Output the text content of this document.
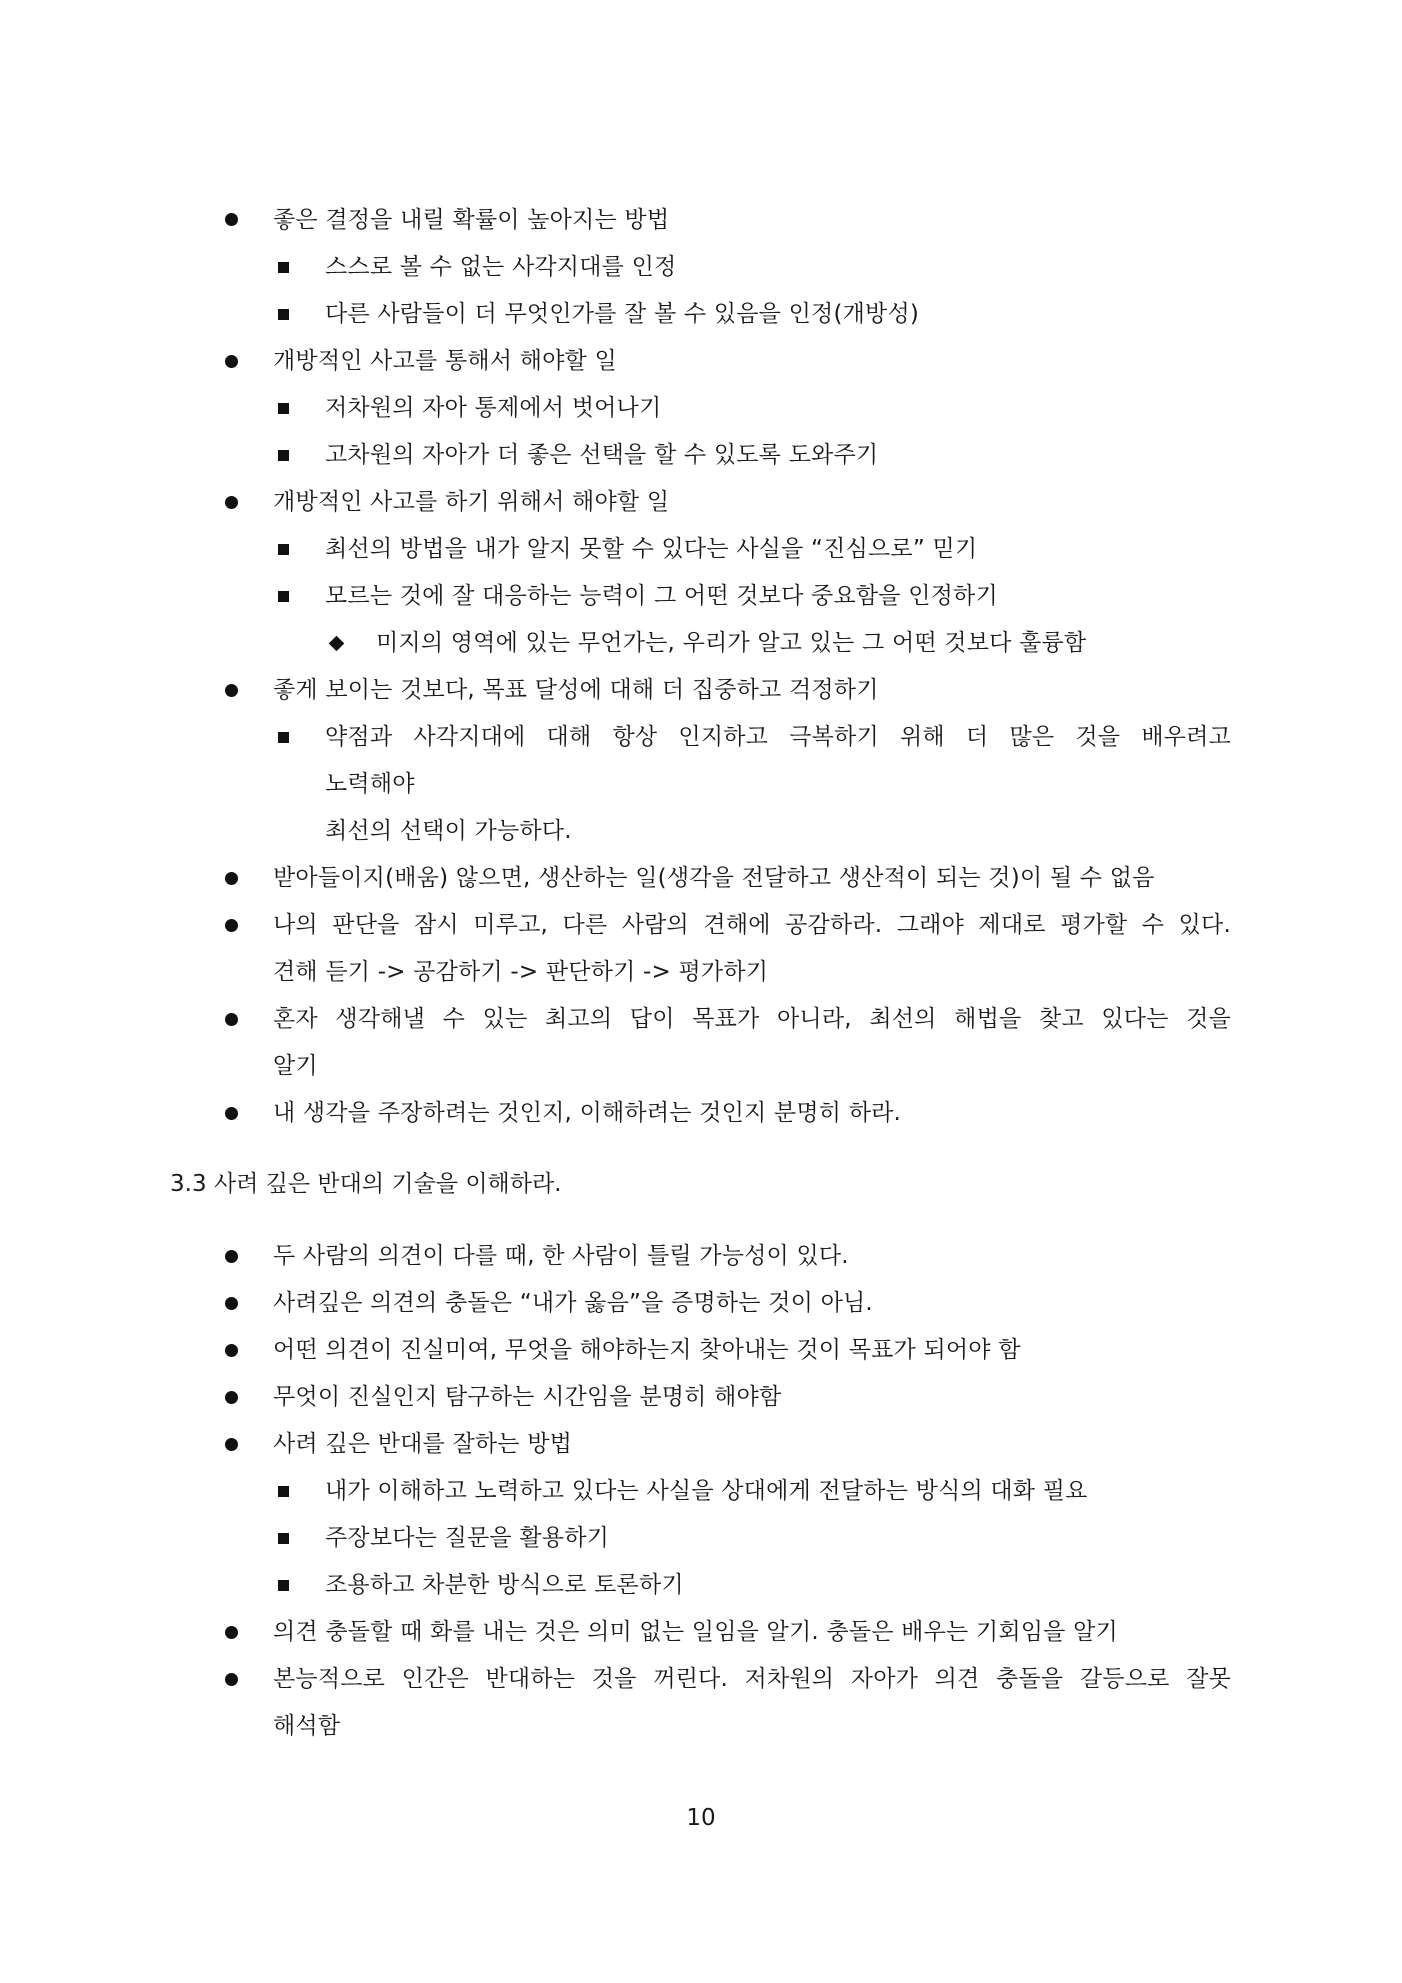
좋은 결정을 내릴 확률이 높아지는 방법
스스로 볼 수 없는 사각지대를 인정
다른 사람들이 더 무엇인가를 잘 볼 수 있음을 인정(개방성)
개방적인 사고를 통해서 해야할 일
저차원의 자아 통제에서 벗어나기
고차원의 자아가 더 좋은 선택을 할 수 있도록 도와주기
개방적인 사고를 하기 위해서 해야할 일
최선의 방법을 내가 알지 못할 수 있다는 사실을 “진심으로” 믿기
모르는 것에 잘 대응하는 능력이 그 어떤 것보다 중요함을 인정하기
미지의 영역에 있는 무언가는, 우리가 알고 있는 그 어떤 것보다 훌륭함
좋게 보이는 것보다, 목표 달성에 대해 더 집중하고 걱정하기
약점과 사각지대에 대해 항상 인지하고 극복하기 위해 더 많은 것을 배우려고
노력해야
최선의 선택이 가능하다.
받아들이지(배움) 않으면, 생산하는 일(생각을 전달하고 생산적이 되는 것)이 될 수 없음
나의 판단을 잠시 미루고, 다른 사람의 견해에 공감하라. 그래야 제대로 평가할 수 있다.
견해 듣기 -> 공감하기 -> 판단하기 -> 평가하기
혼자 생각해낼 수 있는 최고의 답이 목표가 아니라, 최선의 해법을 찾고 있다는 것을
알기
내 생각을 주장하려는 것인지, 이해하려는 것인지 분명히 하라.
3.3 사려 깊은 반대의 기술을 이해하라.
두 사람의 의견이 다를 때, 한 사람이 틀릴 가능성이 있다.
사려깊은 의견의 충돌은 “내가 옳음”을 증명하는 것이 아님.
어떤 의견이 진실미여, 무엇을 해야하는지 찾아내는 것이 목표가 되어야 함
무엇이 진실인지 탐구하는 시간임을 분명히 해야함
사려 깊은 반대를 잘하는 방법
내가 이해하고 노력하고 있다는 사실을 상대에게 전달하는 방식의 대화 필요
주장보다는 질문을 활용하기
조용하고 차분한 방식으로 토론하기
의견 충돌할 때 화를 내는 것은 의미 없는 일임을 알기. 충돌은 배우는 기회임을 알기
본능적으로 인간은 반대하는 것을 꺼린다. 저차원의 자아가 의견 충돌을 갈등으로 잘못
해석함
10
